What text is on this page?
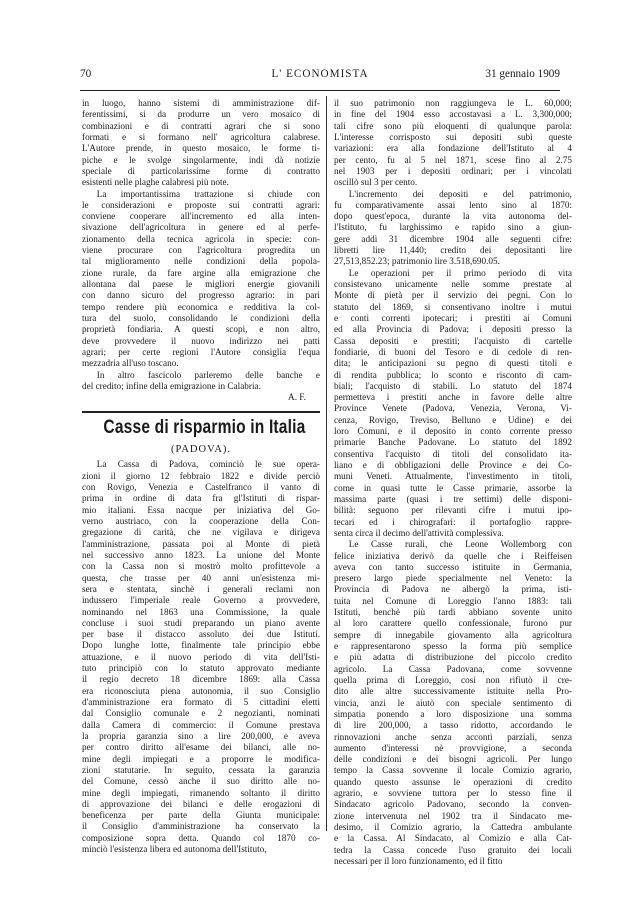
L' ECONOMISTA
70	31 gennaio 1909

in luogo, hanno sistemi di amministrazione dif-

ferentissimi, si da produrre un vero mosaico di

combinazioni e di contratti agrari che si sono

formati e si formano nell' agricoltura calabrese.

L'Autore prende, in questo mosaico, le forme ti-

piche e le svolge singolarmente, indi dà notizie

speciale di particolarissime forme di contratto

esistenti nelle plaghe calabresi più note.

La importantissima trattazione si chiude con

le considerazioni e proposte sui contratti agrari:

conviene cooperare all'incremento ed alla inten-

sivazione dell'agricoltura in genere ed al perfe-

zionamento della tecnica agricola in specie: con-

viene procurare con l'agricoltura progredita un

tal miglioramento nelle condizioni della popola-

zione rurale, da fare argine alla emigrazione che

allontana dal paese le migliori energie giovanili

con danno sicuro del progresso agrario: in pari

tempo rendere più economica e redditiva la col-

tura del suolo, consolidando le condizioni della

proprietà fondiaria. A questi scopi, e non altro,

deve provvedere il nuovo indirizzo nei patti

agrari; per certe regioni l'Autore consiglia l'equa

mezzadria all'uso toscano.

In altro fascicolo parleremo delle banche e

del credito; infine della emigrazione in Calabria.

A. F.

Casse di risparmio in Italia
(PADOVA).

La Cassa di Padova, cominciò le sue opera-

zioni il giorno 12 febbraio 1822 e divide perciò

con Rovigo, Venezia e Castelfranco il vanto di

prima in ordine di data fra gl'Istituti di rispar-

mio italiani. Essa nacque per iniziativa del Go-

verno austriaco, con la cooperazione della Con-

gregazione di carità, che ne vigilava e dirigeva

l'amministrazione, passata poi al Monte di pietà

nel successivo anno 1823. La unione del Monte

con la Cassa non si mostrò molto profittevole a

questa, che trasse per 40 anni un'esistenza mi-

sera e stentata, sinchè i generali reclami non

indussero l'imperiale reale Governo a provvedere,

nominando nel 1863 una Commissione, la quale

concluse i suoi studi preparando un piano avente

per base il distacco assoluto dei due Istituti.

Dopo lunghe lotte, finalmente tale principio ebbe

attuazione, e il nuovo periodo di vita dell'Isti-

tuto principiò con lo statuto approvato mediante

il regio decreto 18 dicembre 1869: alla Cassa

era riconosciuta piena autonomia, il suo Consiglio

d'amministrazione era formato di 5 cittadini eletti

dal Consiglio comunale e 2 negozianti, nominati

dalla Camera di commercio: il Comune prestava

la propria garanzia sino a lire 200,000, e aveva

per contro diritto all'esame dei bilanci, alle no-

mine degli impiegati e a proporre le modifica-

zioni statutarie. In seguito, cessata la garanzia

del Comune, cessò anche il suo diritto alle no-

mine degli impiegati, rimanendo soltanto il diritto

di approvazione dei bilanci e delle erogazioni di

beneficenza per parte della Giunta municipale:

il Consiglio d'amministrazione ha conservato la

composizione sopra detta. Quando col 1870 co-

minciò l'esistenza libera ed autonoma dell'Istituto,

il suo patrimonio non raggiungeva le L. 60,000;

in fine del 1904 esso accostavasi a L. 3,300,000;

tali cifre sono più eloquenti di qualunque parola:

L'interesse corrisposto sui depositi subì queste

variazioni: era alla fondazione dell'Istituto al 4

per cento, fu al 5 nel 1871, scese fino al 2.75

nel 1903 per i depositi ordinari; per i vincolati

oscillò sul 3 per cento.

L'incremento dei depositi e del patrimonio,

fu comparativamente assai lento sino al 1870:

dopo quest'epoca, durante la vita autonoma del-

l'Istituto, fu larghissimo e rapido sino a giun-

gere addì 31 dicembre 1904 alle seguenti cifre:

libretti lire 11,440; credito dei depositanti lire

27,513,852.23; patrimonio lire 3.518,690.05.

Le operazioni per il primo periodo di vita

consistevano unicamente nelle somme prestate al

Monte di pietà per il servizio dei pegni. Con lo

statuto del 1869, si consentivano inoltre i mutui

e conti correnti ipotecari; i prestiti ai Comuni

ed alla Provincia di Padova; i depositi presso la

Cassa depositi e prestiti; l'acquisto di cartelle

fondiarie, di buoni del Tesoro e di cedole di ren-

dita; le anticipazioni su pegno di questi titoli e

di rendita pubblica; lo sconto e risconto di cam-

biali; l'acquisto di stabili. Lo statuto del 1874

permetteva i prestiti anche in favore delle altre

Province Venete (Padova, Venezia, Verona, Vi-

cenza, Rovigo, Treviso, Belluno e Udine) e dei

loro Comuni, e il deposito in conto corrente presso

primarie Banche Padovane. Lo statuto del 1892

consentiva l'acquisto di titoli del consolidato ita-

liano e di obbligazioni delle Province e dei Co-

muni Veneti. Attualmente, l'investimento in titoli,

come in quasi tutte le Casse primarie, assorbe la

massima parte (quasi i tre settimi) delle disponi-

bilità: seguono per rilevanti cifre i mutui ipo-

tecari ed i chirografari: il portafoglio rappre-

senta circa il decimo dell'attività complessiva.

Le Casse rurali, che Leone Wollemborg con

felice iniziativa derivò da quelle che i Reiffeisen

aveva con tanto successo istituite in Germania,

presero largo piede specialmente nel Veneto: la

Provincia di Padova ne albergò la prima, isti-

tuita nel Comune di Loreggio l'anno 1883: tali

Istituti, benchè più tardi abbiano sovente unito

al loro carattere quello confessionale, furono pur

sempre di innegabile giovamento alla agricoltura

e rappresentarono spesso la forma più semplice

e più adatta di distribuzione del piccolo credito

agricolo. La Cassa Padovana, come sovvenne

quella prima di Loreggio, così non rifiutò il cre-

dito alle altre successivamente istituite nella Pro-

vincia, anzi le aiutò con speciale sentimento di

simpatia ponendo a loro disposizione una somma

di lire 200,000, a tasso ridotto, accordando le

rinnovazioni anche senza accontì parziali, senza

aumento d'interessi nè provvigione, a seconda

delle condizioni e dei bisogni agricoli. Per lungo

tempo la Cassa sovvenne il locale Comizio agrario,

quando questo assunse le operazioni di credito

agrario, e sovviene tuttora per lo stesso fine il

Sindacato agricolo Padovano, secondo la conven-

zione intervenuta nel 1902 tra il Sindacato me-

desimo, il Comizio agrario, la Cattedra ambulante

e la Cassa. Al Sindacato, al Comizio e alla Cat-

tedra la Cassa concede l'uso gratuito dei locali

necessari per il loro funzionamento, ed il fitto
